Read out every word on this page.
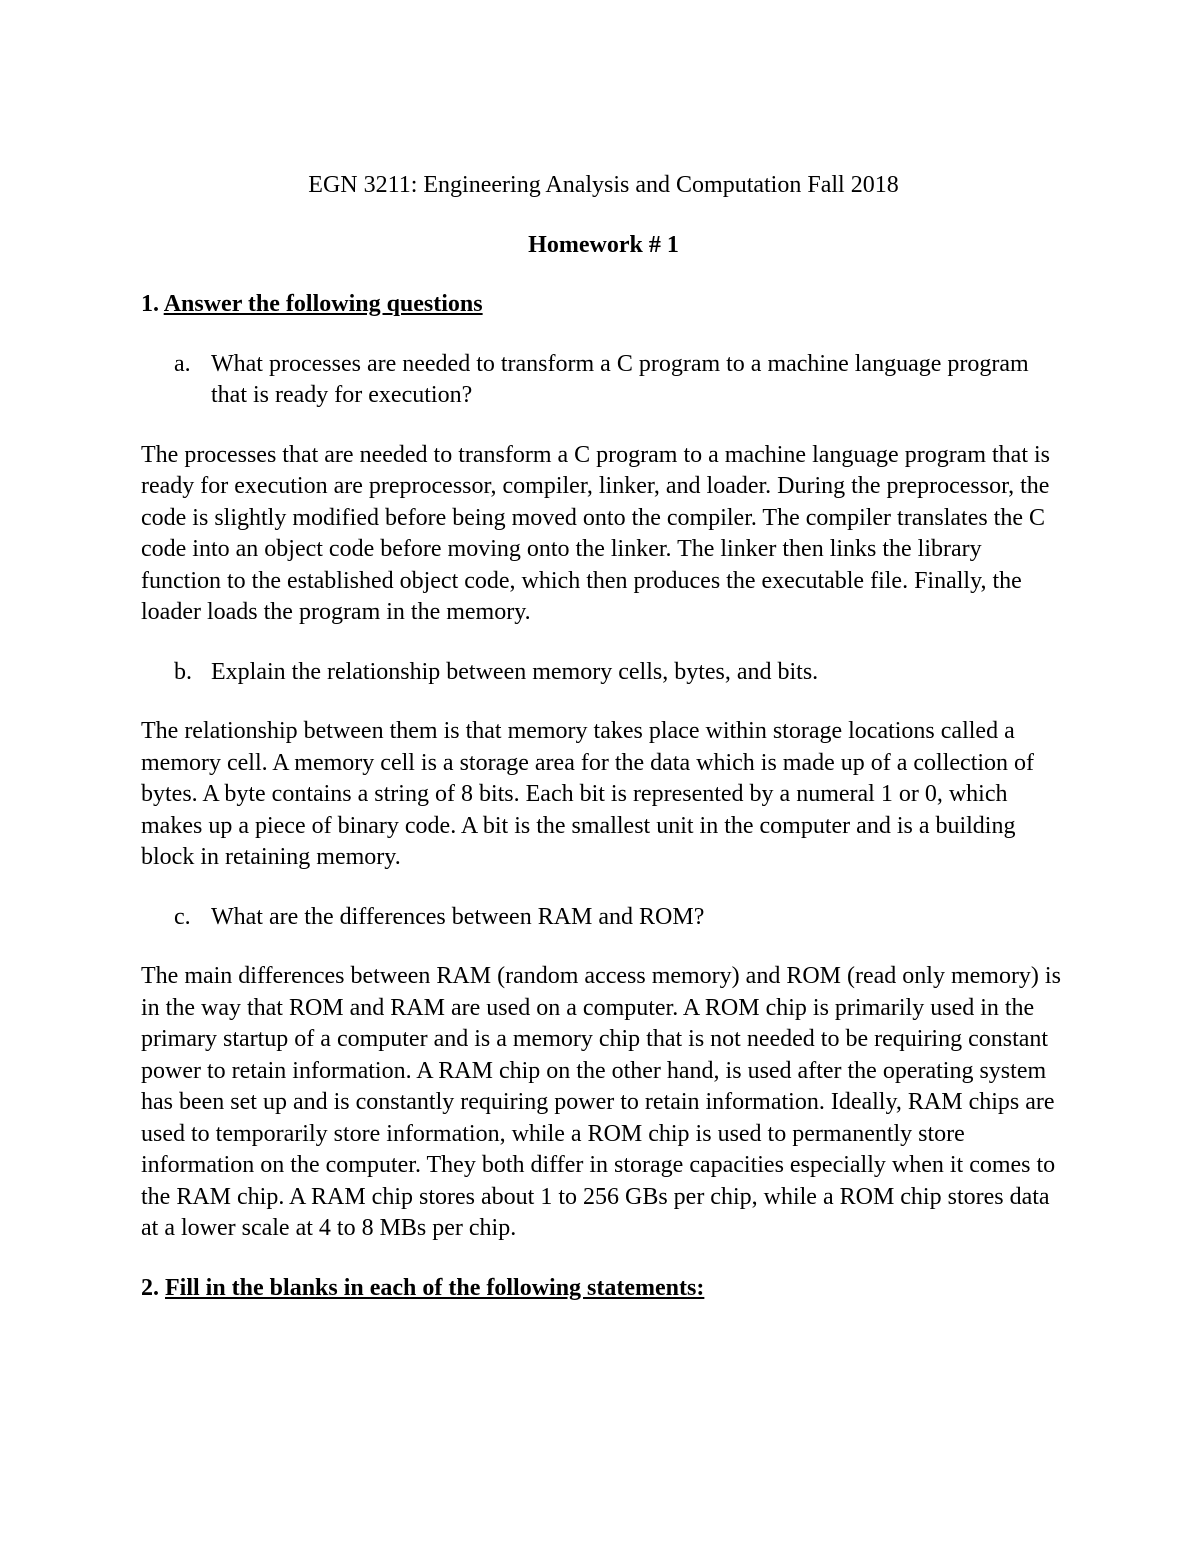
EGN 3211: Engineering Analysis and Computation Fall 2018

Homework # 1

1. Answer the following questions

a. What processes are needed to transform a C program to a machine language program that is ready for execution?

The processes that are needed to transform a C program to a machine language program that is ready for execution are preprocessor, compiler, linker, and loader. During the preprocessor, the code is slightly modified before being moved onto the compiler. The compiler translates the C code into an object code before moving onto the linker. The linker then links the library function to the established object code, which then produces the executable file. Finally, the loader loads the program in the memory.

b. Explain the relationship between memory cells, bytes, and bits.

The relationship between them is that memory takes place within storage locations called a memory cell. A memory cell is a storage area for the data which is made up of a collection of bytes. A byte contains a string of 8 bits. Each bit is represented by a numeral 1 or 0, which makes up a piece of binary code. A bit is the smallest unit in the computer and is a building block in retaining memory.

c. What are the differences between RAM and ROM?

The main differences between RAM (random access memory) and ROM (read only memory) is in the way that ROM and RAM are used on a computer. A ROM chip is primarily used in the primary startup of a computer and is a memory chip that is not needed to be requiring constant power to retain information. A RAM chip on the other hand, is used after the operating system has been set up and is constantly requiring power to retain information. Ideally, RAM chips are used to temporarily store information, while a ROM chip is used to permanently store information on the computer. They both differ in storage capacities especially when it comes to the RAM chip. A RAM chip stores about 1 to 256 GBs per chip, while a ROM chip stores data at a lower scale at 4 to 8 MBs per chip.

2. Fill in the blanks in each of the following statements:
